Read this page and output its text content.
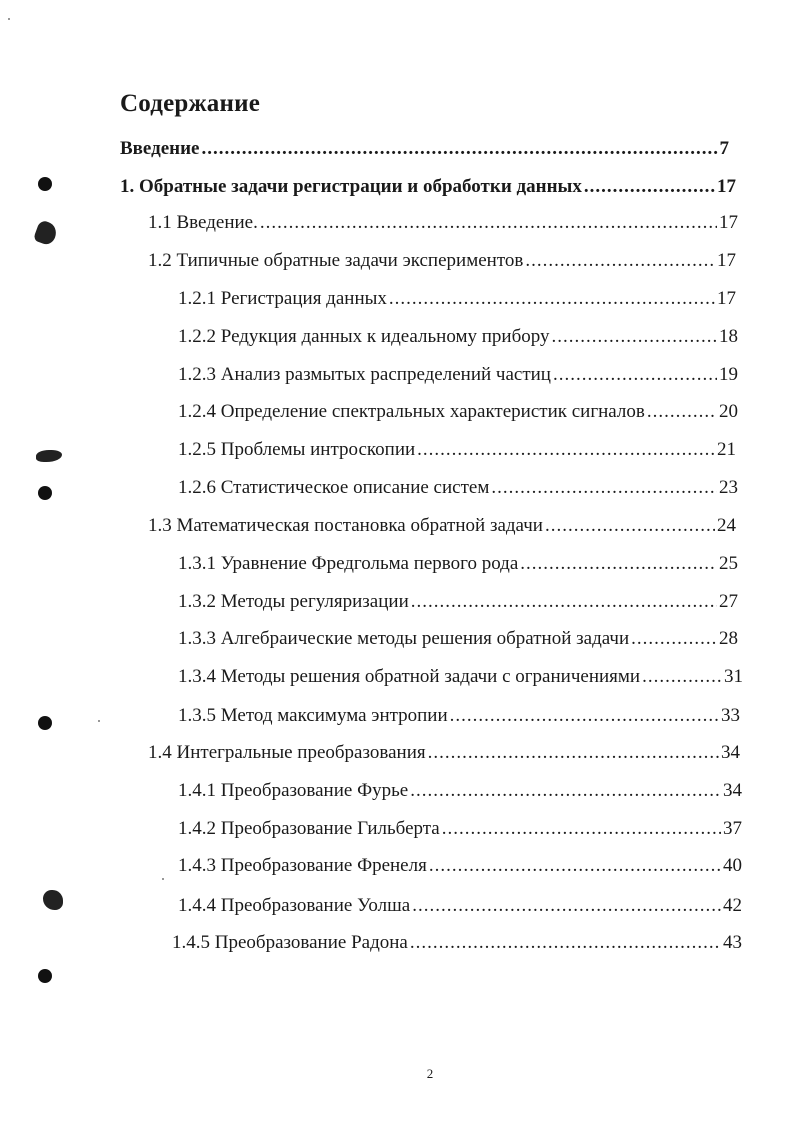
Содержание
Введение .....	7
1. Обратные задачи регистрации и обработки данных .....	17
1.1 Введение. .....	17
1.2 Типичные обратные задачи экспериментов .....	17
1.2.1 Регистрация данных .....	17
1.2.2 Редукция данных к идеальному прибору .....	18
1.2.3 Анализ размытых распределений частиц .....	19
1.2.4 Определение спектральных характеристик сигналов .....	20
1.2.5 Проблемы интроскопии .....	21
1.2.6 Статистическое описание систем .....	23
1.3 Математическая постановка обратной задачи .....	24
1.3.1 Уравнение Фредгольма первого рода .....	25
1.3.2 Методы регуляризации .....	27
1.3.3 Алгебраические методы решения обратной задачи .....	28
1.3.4 Методы решения обратной задачи с ограничениями .....	31
1.3.5 Метод максимума энтропии .....	33
1.4 Интегральные преобразования .....	34
1.4.1 Преобразование Фурье .....	34
1.4.2 Преобразование Гильберта .....	37
1.4.3 Преобразование Френеля .....	40
1.4.4 Преобразование Уолша .....	42
1.4.5 Преобразование Радона .....	43
2
